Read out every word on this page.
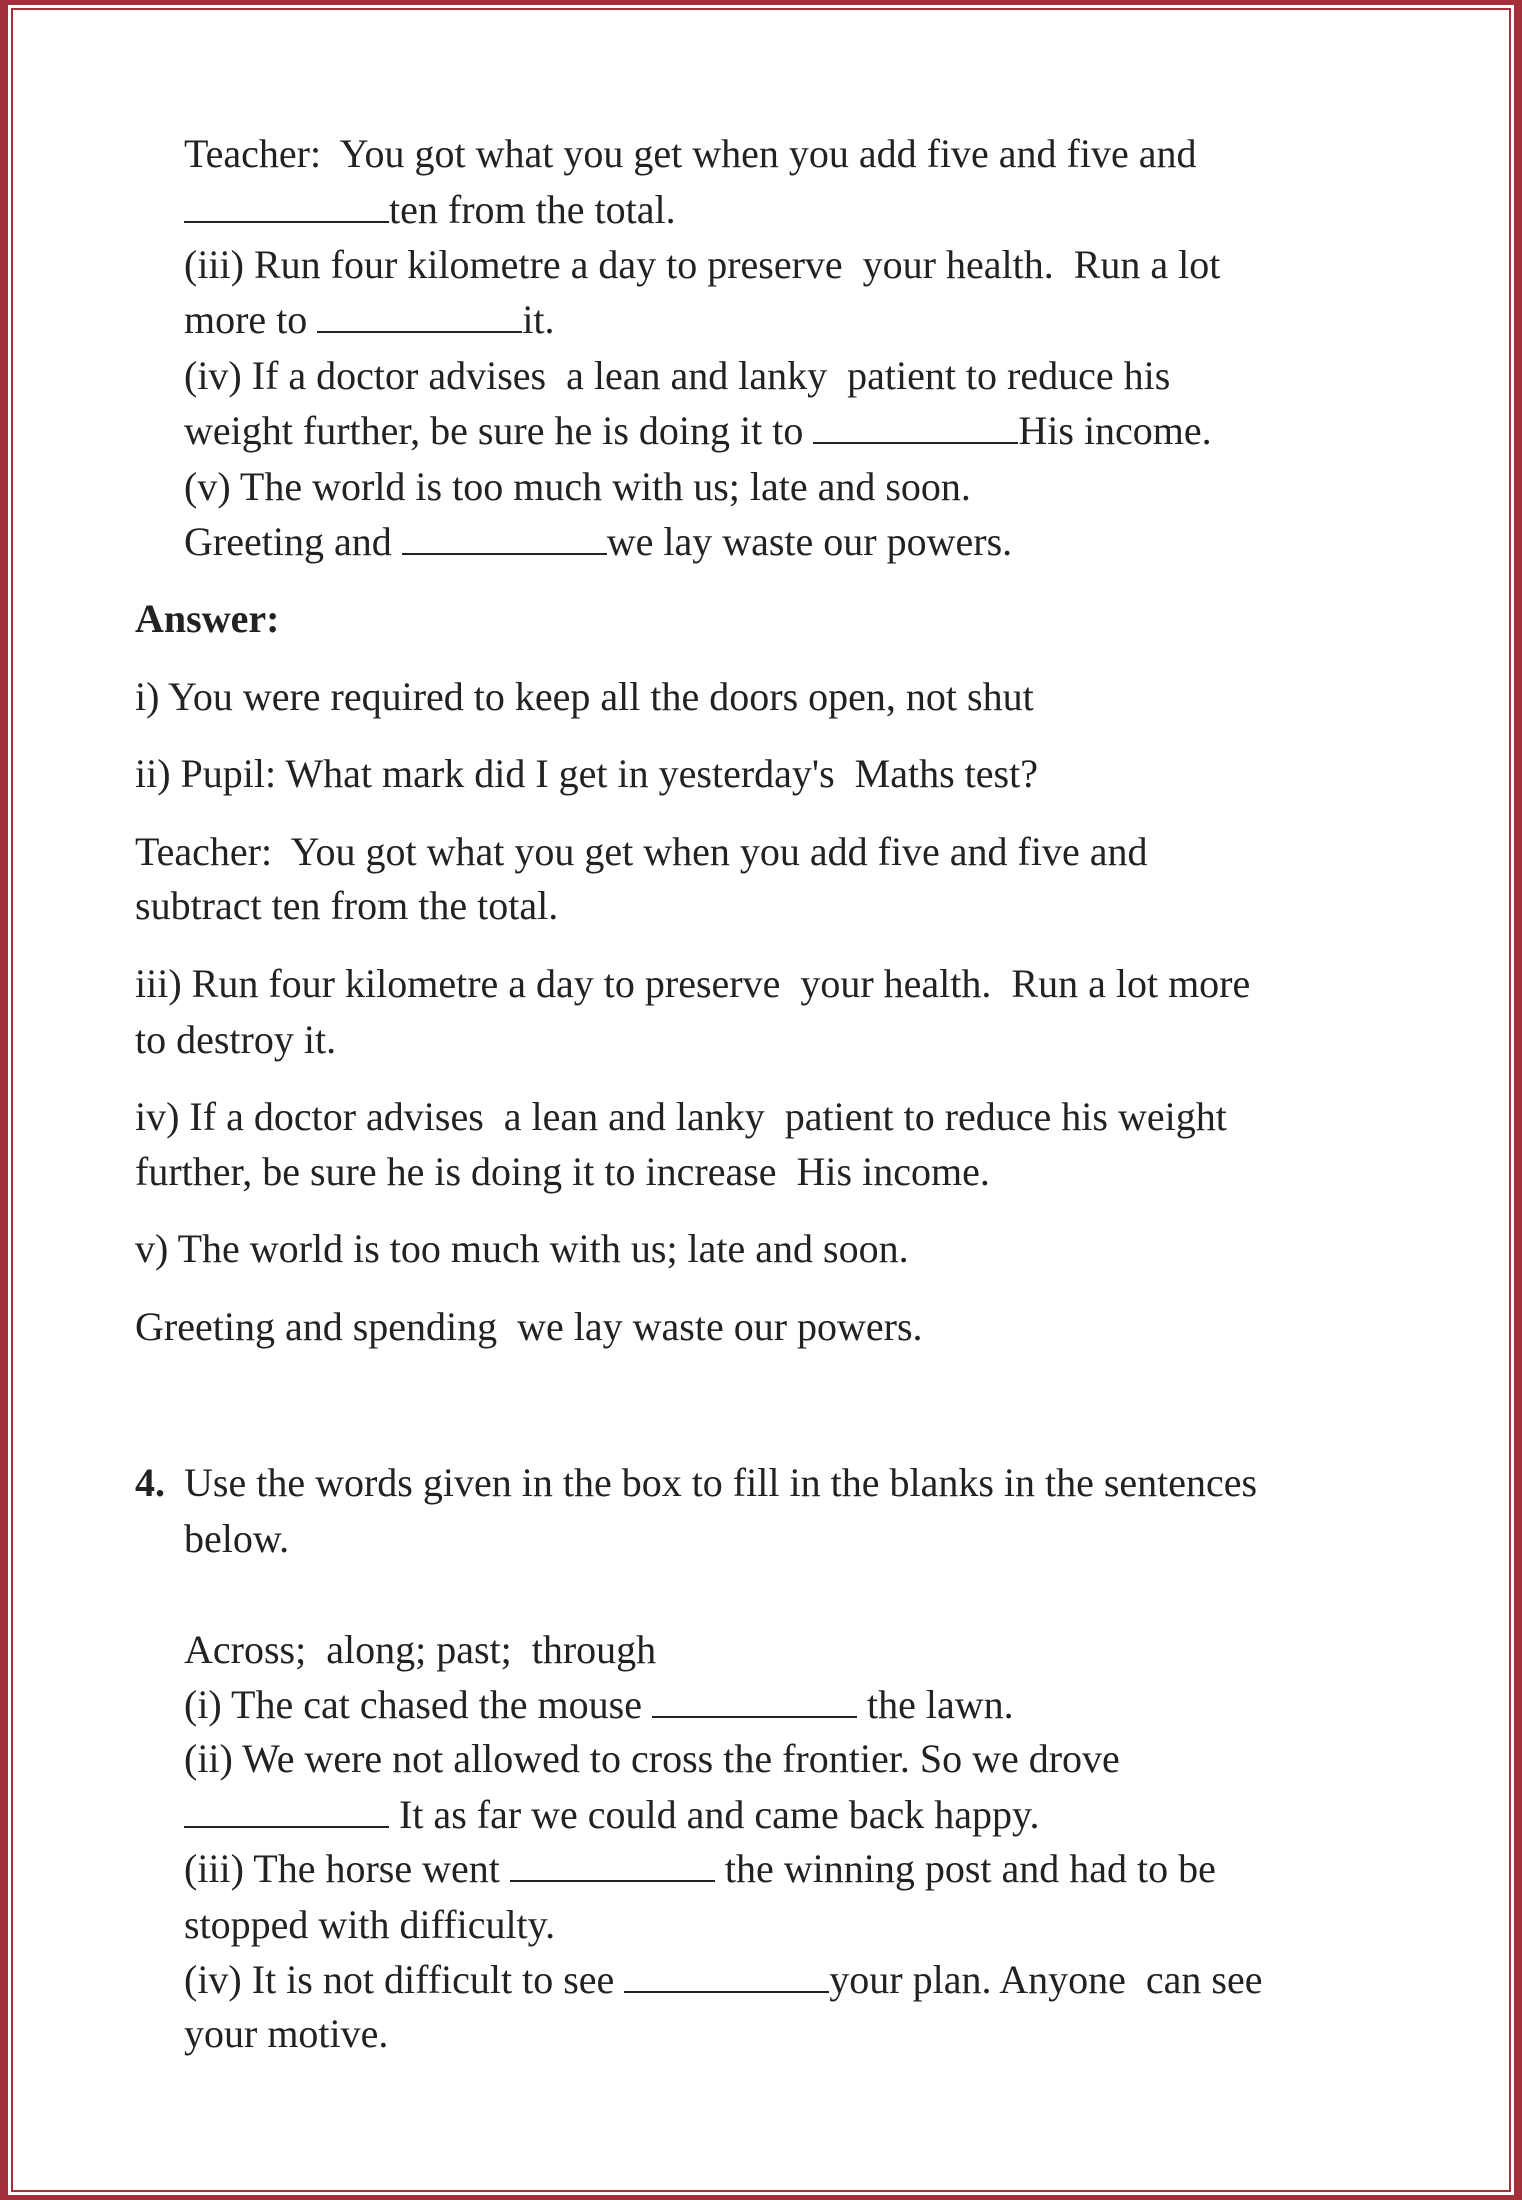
Answer:
4.
Teacher:  You got what you get when you add five and five and
ten from the total.
(iii) Run four kilometre a day to preserve  your health.  Run a lot
more to	it.
(iv) If a doctor advises  a lean and lanky  patient to reduce his
weight further, be sure he is doing it to	His income.
(v) The world is too much with us; late and soon.
Greeting and	we lay waste our powers.
i) You were required to keep all the doors open, not shut
ii) Pupil: What mark did I get in yesterday's  Maths test?
Teacher:  You got what you get when you add five and five and
subtract ten from the total.
iii) Run four kilometre a day to preserve  your health.  Run a lot more
to destroy it.
iv) If a doctor advises  a lean and lanky  patient to reduce his weight
further, be sure he is doing it to increase  His income.
v) The world is too much with us; late and soon.
Greeting and spending  we lay waste our powers.
Use the words given in the box to fill in the blanks in the sentences
below.
Across;  along; past;  through
(i) The cat chased the mouse	the lawn.
(ii) We were not allowed to cross the frontier. So we drove
It as far we could and came back happy.
(iii) The horse went	the winning post and had to be
stopped with difficulty.
(iv) It is not difficult to see	your plan. Anyone  can see
your motive.
